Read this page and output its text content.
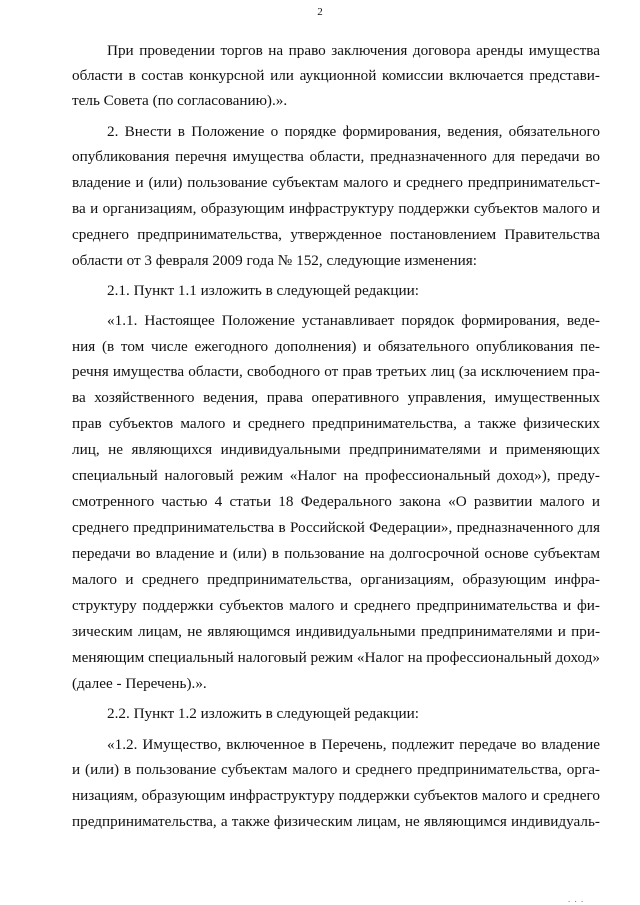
2
При проведении торгов на право заключения договора аренды имущества
области в состав конкурсной или аукционной комиссии включается представи-
тель Совета (по согласованию).».
2. Внести в Положение о порядке формирования, ведения, обязательного
опубликования перечня имущества области, предназначенного для передачи во
владение и (или) пользование субъектам малого и среднего предпринимательст-
ва и организациям, образующим инфраструктуру поддержки субъектов малого и
среднего предпринимательства, утвержденное постановлением Правительства
области от 3 февраля 2009 года № 152, следующие изменения:
2.1. Пункт 1.1 изложить в следующей редакции:
«1.1. Настоящее Положение устанавливает порядок формирования, веде-
ния (в том числе ежегодного дополнения) и обязательного опубликования пе-
речня имущества области, свободного от прав третьих лиц (за исключением пра-
ва хозяйственного ведения, права оперативного управления, имущественных
прав субъектов малого и среднего предпринимательства, а также физических
лиц, не являющихся индивидуальными предпринимателями и применяющих
специальный налоговый режим «Налог на профессиональный доход»), преду-
смотренного частью 4 статьи 18 Федерального закона «О развитии малого и
среднего предпринимательства в Российской Федерации», предназначенного для
передачи во владение и (или) в пользование на долгосрочной основе субъектам
малого и среднего предпринимательства, организациям, образующим инфра-
структуру поддержки субъектов малого и среднего предпринимательства и фи-
зическим лицам, не являющимся индивидуальными предпринимателями и при-
меняющим специальный налоговый режим «Налог на профессиональный доход»
(далее - Перечень).».
2.2. Пункт 1.2 изложить в следующей редакции:
«1.2. Имущество, включенное в Перечень, подлежит передаче во владение
и (или) в пользование субъектам малого и среднего предпринимательства, орга-
низациям, образующим инфраструктуру поддержки субъектов малого и среднего
предпринимательства, а также физическим лицам, не являющимся индивидуаль-
. . .
